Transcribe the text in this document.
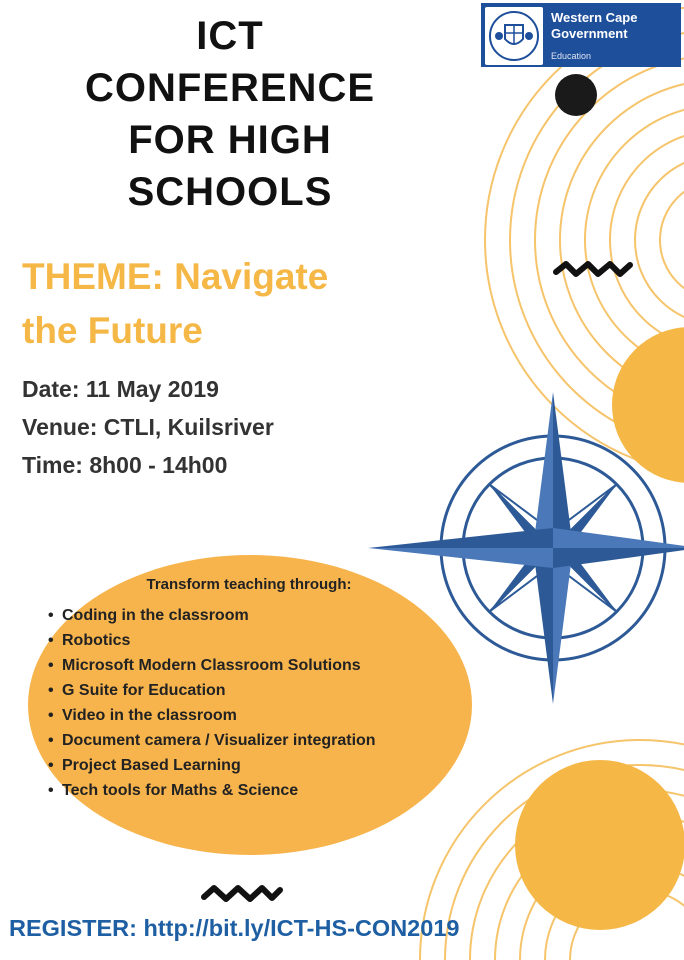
ICT
CONFERENCE
FOR HIGH
SCHOOLS
Western Cape
Government
Education
THEME: Navigate
the Future
Date: 11 May 2019
Venue: CTLI, Kuilsriver
Time: 8h00 - 14h00
Transform teaching through:
• Coding in the classroom
• Robotics
• Microsoft Modern Classroom Solutions
• G Suite for Education
• Video in the classroom
• Document camera / Visualizer integration
• Project Based Learning
• Tech tools for Maths & Science
REGISTER: http://bit.ly/ICT-HS-CON2019
